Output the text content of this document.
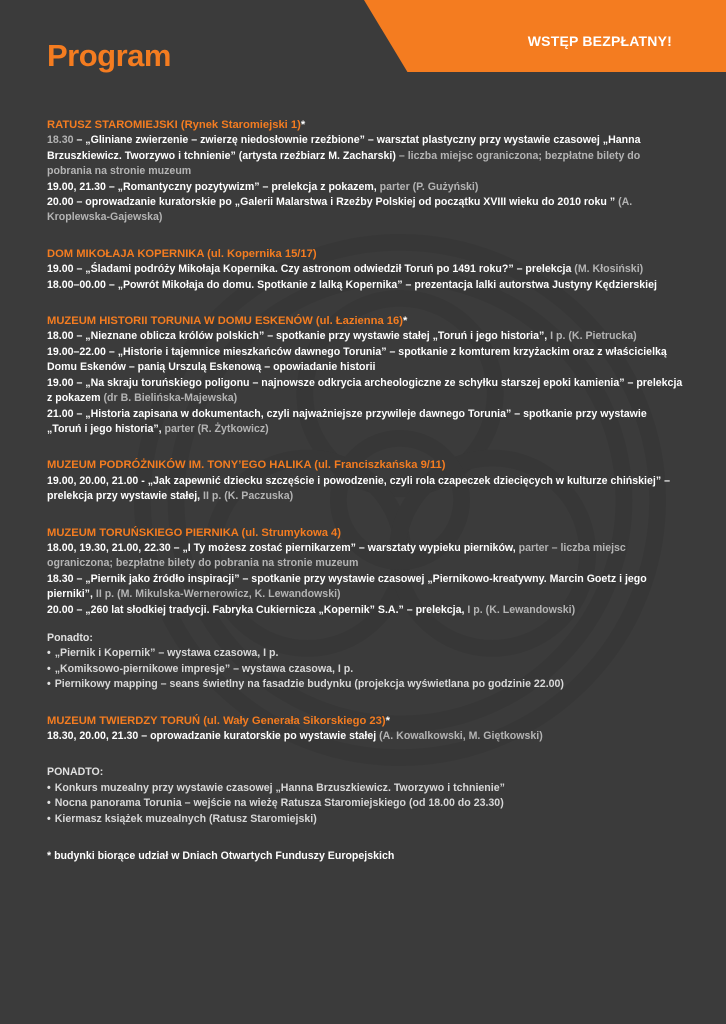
WSTĘP BEZPŁATNY!
Program
RATUSZ STAROMIEJSKI (Rynek Staromiejski 1)*
18.30 – „Gliniane zwierzenie – zwierzę niedosłownie rzeźbione” – warsztat plastyczny przy wystawie czasowej „Hanna Brzuszkiewicz. Tworzywo i tchnienie” (artysta rzeźbiarz M. Zacharski) – liczba miejsc ograniczona; bezpłatne bilety do pobrania na stronie muzeum
19.00, 21.30 – „Romantyczny pozytywizm” – prelekcja z pokazem, parter (P. Gużyński)
20.00 – oprowadzanie kuratorskie po „Galerii Malarstwa i Rzeźby Polskiej od początku XVIII wieku do 2010 roku ” (A. Kroplewska-Gajewska)
DOM MIKOŁAJA KOPERNIKA (ul. Kopernika 15/17)
19.00 – „Śladami podróży Mikołaja Kopernika. Czy astronom odwiedził Toruń po 1491 roku?” – prelekcja (M. Kłosiński)
18.00–00.00 – „Powrót Mikołaja do domu. Spotkanie z lalką Kopernika” – prezentacja lalki autorstwa Justyny Kędzierskiej
MUZEUM HISTORII TORUNIA W DOMU ESKENÓW (ul. Łazienna 16)*
18.00 – „Nieznane oblicza królów polskich” – spotkanie przy wystawie stałej „Toruń i jego historia”, I p. (K. Pietrucka)
19.00–22.00 – „Historie i tajemnice mieszkańców dawnego Torunia” – spotkanie z komturem krzyżackim oraz z właścicielką Domu Eskenów – panią Urszulą Eskenową – opowiadanie historii
19.00 – „Na skraju toruńskiego poligonu – najnowsze odkrycia archeologiczne ze schyłku starszej epoki kamienia” – prelekcja z pokazem (dr B. Bielińska-Majewska)
21.00 – „Historia zapisana w dokumentach, czyli najważniejsze przywileje dawnego Torunia” – spotkanie przy wystawie „Toruń i jego historia”, parter (R. Żytkowicz)
MUZEUM PODRÓŻNIKÓW IM. TONY’EGO HALIKA (ul. Franciszkańska 9/11)
19.00, 20.00, 21.00 - „Jak zapewnić dziecku szczęście i powodzenie, czyli rola czapeczek dziecięcych w kulturze chińskiej” – prelekcja przy wystawie stałej, II p. (K. Paczuska)
MUZEUM TORUŃSKIEGO PIERNIKA (ul. Strumykowa 4)
18.00, 19.30, 21.00, 22.30 – „I Ty możesz zostać piernikarzem” – warsztaty wypieku pierników, parter – liczba miejsc ograniczona; bezpłatne bilety do pobrania na stronie muzeum
18.30 – „Piernik jako źródło inspiracji” – spotkanie przy wystawie czasowej „Piernikowo-kreatywny. Marcin Goetz i jego pierniki”, II p. (M. Mikulska-Wernerowicz, K. Lewandowski)
20.00 – „260 lat słodkiej tradycji. Fabryka Cukiernicza „Kopernik” S.A.” – prelekcja, I p. (K. Lewandowski)
Ponadto:
• „Piernik i Kopernik” – wystawa czasowa, I p.
• „Komiksowo-piernikowe impresje” – wystawa czasowa, I p.
• Piernikowy mapping – seans świetlny na fasadzie budynku (projekcja wyświetlana po godzinie 22.00)
MUZEUM TWIERDZY TORUŃ (ul. Wały Generała Sikorskiego 23)*
18.30, 20.00, 21.30 – oprowadzanie kuratorskie po wystawie stałej (A. Kowalkowski, M. Giętkowski)
PONADTO:
• Konkurs muzealny przy wystawie czasowej „Hanna Brzuszkiewicz. Tworzywo i tchnienie”
• Nocna panorama Torunia – wejście na wieżę Ratusza Staromiejskiego (od 18.00 do 23.30)
• Kiermasz książek muzealnych (Ratusz Staromiejski)
* budynki biorące udział w Dniach Otwartych Funduszy Europejskich
